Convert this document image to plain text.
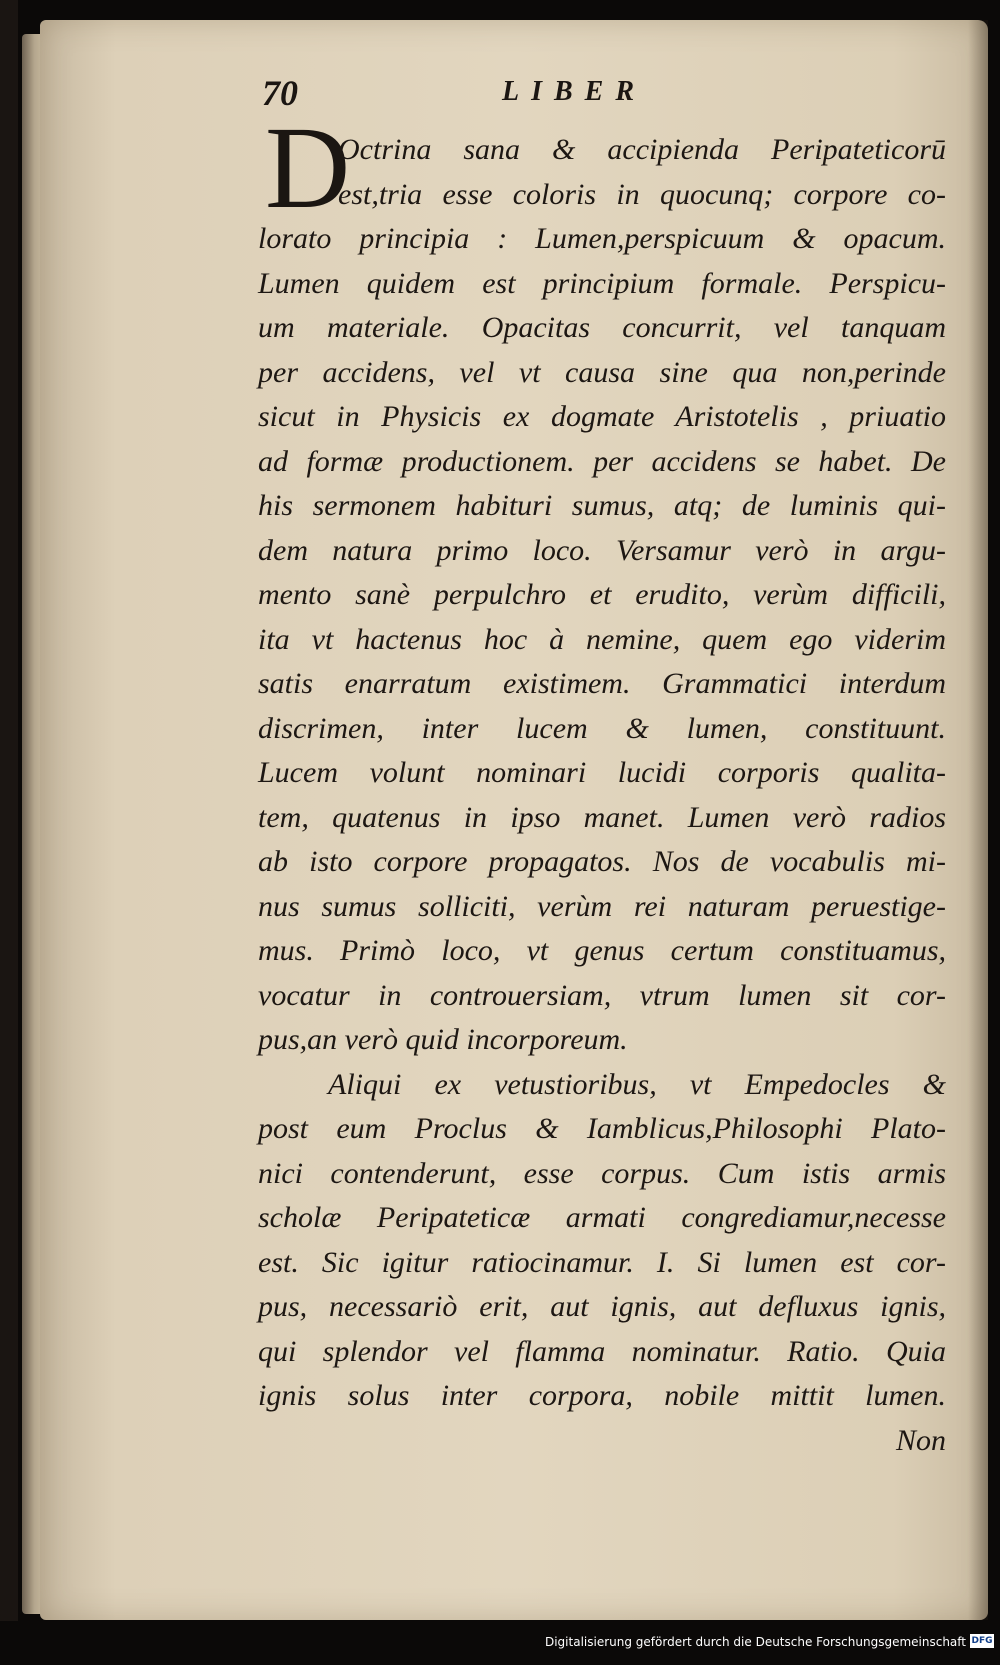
70	LIBER
D
Octrina sana & accipienda Peripateticorū
est,tria esse coloris in quocunq; corpore co-
lorato principia : Lumen,perspicuum & opacum.
Lumen quidem est principium formale. Perspicu-
um materiale. Opacitas concurrit, vel tanquam
per accidens, vel vt causa sine qua non,perinde
sicut in Physicis ex dogmate Aristotelis , priuatio
ad formæ productionem. per accidens se habet. De
his sermonem habituri sumus, atq; de luminis qui-
dem natura primo loco. Versamur verò in argu-
mento sanè perpulchro et erudito, verùm difficili,
ita vt hactenus hoc à nemine, quem ego viderim
satis enarratum existimem. Grammatici interdum
discrimen, inter lucem & lumen, constituunt.
Lucem volunt nominari lucidi corporis qualita-
tem, quatenus in ipso manet. Lumen verò radios
ab isto corpore propagatos. Nos de vocabulis mi-
nus sumus solliciti, verùm rei naturam peruestige-
mus. Primò loco, vt genus certum constituamus,
vocatur in controuersiam, vtrum lumen sit cor-
pus,an verò quid incorporeum.
Aliqui ex vetustioribus, vt Empedocles &
post eum Proclus & Iamblicus,Philosophi Plato-
nici contenderunt, esse corpus. Cum istis armis
scholæ Peripateticæ armati congrediamur,necesse
est. Sic igitur ratiocinamur. I. Si lumen est cor-
pus, necessariò erit, aut ignis, aut defluxus ignis,
qui splendor vel flamma nominatur. Ratio. Quia
ignis solus inter corpora, nobile mittit lumen.
Non
Digitalisierung gefördert durch die Deutsche Forschungsgemeinschaft DFG
